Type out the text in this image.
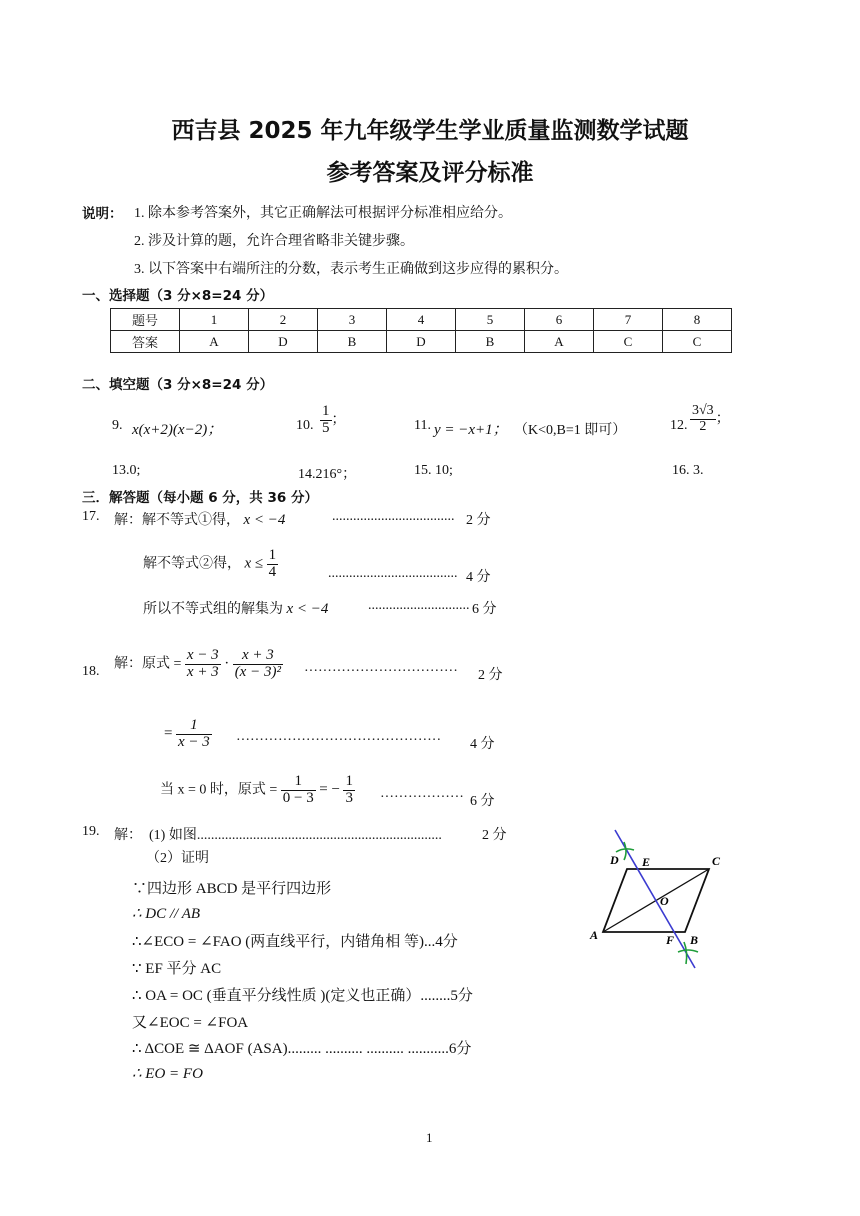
西吉县 2025 年九年级学生学业质量监测数学试题
参考答案及评分标准
说明： 1. 除本参考答案外，其它正确解法可根据评分标准相应给分。
2. 涉及计算的题，允许合理省略非关键步骤。
3. 以下答案中右端所注的分数，表示考生正确做到这步应得的累积分。
一、选择题（3 分×8=24 分）
题号	1	2	3	4	5	6	7	8
答案	A	D	B	D	B	A	C	C
二、填空题（3 分×8=24 分）
9. x(x+2)(x−2)；	10. $\frac{1}{5}$ ；	11. y = −x+1； （K<0,B=1 即可）	12. $\frac{3√3}{2}$ ；
13.0;	14.216°；	15. 10;	16. 3.
三．解答题（每小题 6 分，共 36 分）
17. 解：解不等式①得， x < −4	................................... 2 分
解不等式②得， $x \le \frac{1}{4}$	..................................... 4 分
所以不等式组的解集为 x < −4	............................. 6 分
18.
解：原式 = $\frac{x - 3}{x + 3} \cdot \frac{x + 3}{\text{(x − 3)²}}$ ································· 2 分
= $\frac{1}{x - 3}$ ············································ 4 分
当 x = 0 时，原式 = $\frac{1}{0 - 3}$ = − $\frac{1}{3}$ ·················· 6 分
19. 解： (1) 如图......................................................................	2 分
（2）证明
∵四边形 ABCD 是平行四边形
∴ DC // AB
∴∠ECO = ∠FAO (两直线平行，内错角相 等)...4分
∵ EF 平分 AC
∴ OA = OC (垂直平分线性质 )(定义也正确）........5分
又∠EOC = ∠FOA
∴ ΔCOE ≅ ΔAOF (ASA)......... .......... .......... ...........6分
∴ EO = FO
A	B
C
D E
F
O
1
